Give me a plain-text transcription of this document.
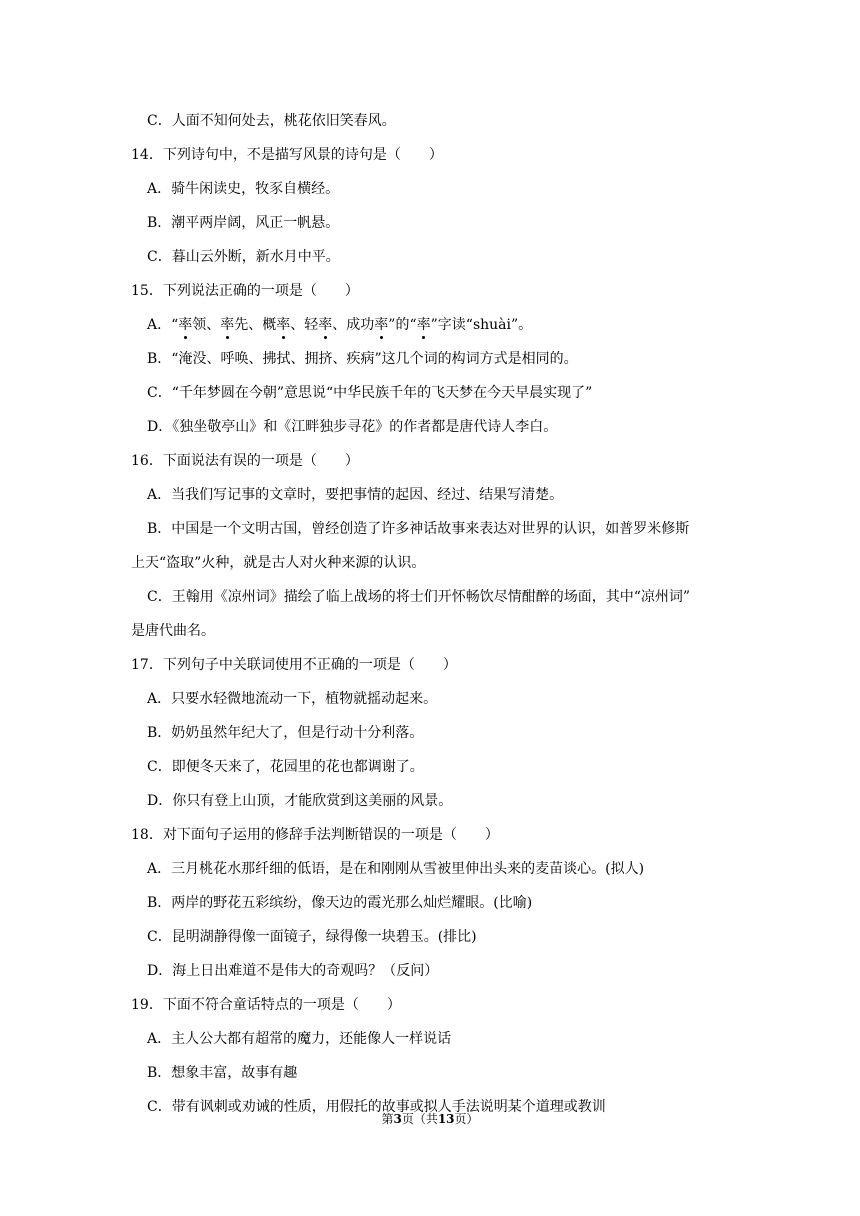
C．人面不知何处去，桃花依旧笑春风。
14．下列诗句中，不是描写风景的诗句是（　　）
A．骑牛闲读史，牧豕自横经。
B．潮平两岸阔，风正一帆悬。
C．暮山云外断，新水月中平。
15．下列说法正确的一项是（　　）
A．“率领、率先、概率、轻率、成功率”的“率”字读“shuài”。
B．“淹没、呼唤、拂拭、拥挤、疾病”这几个词的构词方式是相同的。
C．“千年梦圆在今朝”意思说“中华民族千年的飞天梦在今天早晨实现了”
D．《独坐敬亭山》和《江畔独步寻花》的作者都是唐代诗人李白。
16．下面说法有误的一项是（　　）
A．当我们写记事的文章时，要把事情的起因、经过、结果写清楚。
B．中国是一个文明古国，曾经创造了许多神话故事来表达对世界的认识，如普罗米修斯
上天“盗取”火种，就是古人对火种来源的认识。
C．王翰用《凉州词》描绘了临上战场的将士们开怀畅饮尽情酣醉的场面，其中“凉州词”
是唐代曲名。
17．下列句子中关联词使用不正确的一项是（　　）
A．只要水轻微地流动一下，植物就摇动起来。
B．奶奶虽然年纪大了，但是行动十分利落。
C．即便冬天来了，花园里的花也都调谢了。
D．你只有登上山顶，才能欣赏到这美丽的风景。
18．对下面句子运用的修辞手法判断错误的一项是（　　）
A．三月桃花水那纤细的低语，是在和刚刚从雪被里伸出头来的麦苗谈心。(拟人)
B．两岸的野花五彩缤纷，像天边的霞光那么灿烂耀眼。(比喻)
C．昆明湖静得像一面镜子，绿得像一块碧玉。(排比)
D．海上日出难道不是伟大的奇观吗？（反问）
19．下面不符合童话特点的一项是（　　）
A．主人公大都有超常的魔力，还能像人一样说话
B．想象丰富，故事有趣
C．带有讽刺或劝诫的性质，用假托的故事或拟人手法说明某个道理或教训
第3页（共13页）
